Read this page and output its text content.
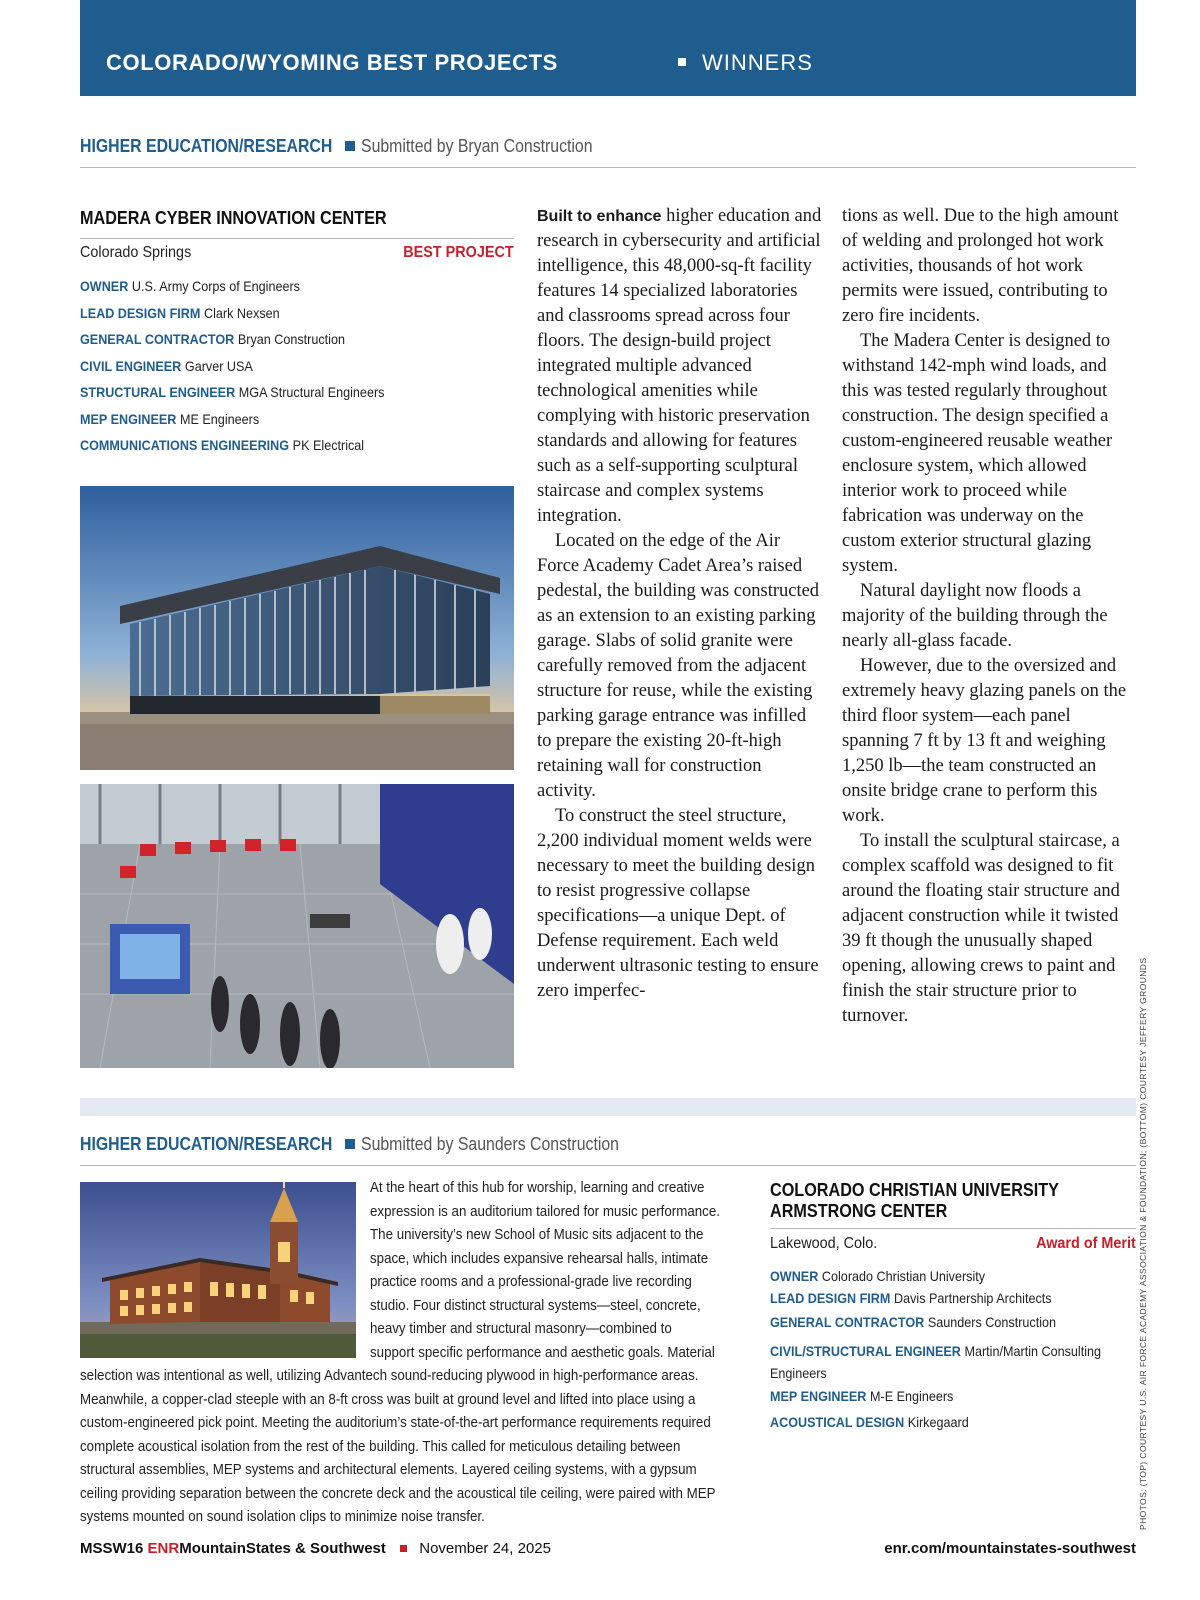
COLORADO/WYOMING BEST PROJECTS	WINNERS
HIGHER EDUCATION/RESEARCH Submitted by Bryan Construction
MADERA CYBER INNOVATION CENTER
Colorado Springs	BEST PROJECT
OWNER U.S. Army Corps of Engineers
LEAD DESIGN FIRM Clark Nexsen
GENERAL CONTRACTOR Bryan Construction
CIVIL ENGINEER Garver USA
STRUCTURAL ENGINEER MGA Structural Engineers
MEP ENGINEER ME Engineers
COMMUNICATIONS ENGINEERING PK Electrical

Built to enhance higher education and research in cybersecurity and artificial intelligence, this 48,000-sq-ft facility features 14 specialized laboratories and classrooms spread across four floors. The design-build project integrated multiple advanced technological amenities while complying with historic preservation standards and allowing for features such as a self-supporting sculptural staircase and complex systems integration.

Located on the edge of the Air Force Academy Cadet Area’s raised pedestal, the building was constructed as an extension to an existing parking garage. Slabs of solid granite were carefully removed from the adjacent structure for reuse, while the existing parking garage entrance was infilled to prepare the existing 20-ft-high retaining wall for construction activity.

To construct the steel structure, 2,200 individual moment welds were necessary to meet the building design to resist progressive collapse specifications—a unique Dept. of Defense requirement. Each weld underwent ultrasonic testing to ensure zero imperfec-

tions as well. Due to the high amount of welding and prolonged hot work activities, thousands of hot work permits were issued, contributing to zero fire incidents.

The Madera Center is designed to withstand 142-mph wind loads, and this was tested regularly throughout construction. The design specified a custom-engineered reusable weather enclosure system, which allowed interior work to proceed while fabrication was underway on the custom exterior structural glazing system.

Natural daylight now floods a majority of the building through the nearly all-glass facade.

However, due to the oversized and extremely heavy glazing panels on the third floor system—each panel spanning 7 ft by 13 ft and weighing 1,250 lb—the team constructed an onsite bridge crane to perform this work.

To install the sculptural staircase, a complex scaffold was designed to fit around the floating stair structure and adjacent construction while it twisted 39 ft though the unusually shaped opening, allowing crews to paint and finish the stair structure prior to turnover.

HIGHER EDUCATION/RESEARCH Submitted by Saunders Construction
At the heart of this hub for worship, learning and creative
expression is an auditorium tailored for music performance.
The university’s new School of Music sits adjacent to the
space, which includes expansive rehearsal halls, intimate
practice rooms and a professional-grade live recording
studio. Four distinct structural systems—steel, concrete,
heavy timber and structural masonry—combined to
support specific performance and aesthetic goals. Material
selection was intentional as well, utilizing Advantech sound-reducing plywood in high-performance areas.
Meanwhile, a copper-clad steeple with an 8-ft cross was built at ground level and lifted into place using a
custom-engineered pick point. Meeting the auditorium’s state-of-the-art performance requirements required
complete acoustical isolation from the rest of the building. This called for meticulous detailing between
structural assemblies, MEP systems and architectural elements. Layered ceiling systems, with a gypsum
ceiling providing separation between the concrete deck and the acoustical tile ceiling, were paired with MEP
systems mounted on sound isolation clips to minimize noise transfer.
COLORADO CHRISTIAN UNIVERSITY
ARMSTRONG CENTER
Lakewood, Colo.	Award of Merit
OWNER Colorado Christian University
LEAD DESIGN FIRM Davis Partnership Architects
GENERAL CONTRACTOR Saunders Construction
CIVIL/STRUCTURAL ENGINEER Martin/Martin Consulting Engineers
MEP ENGINEER M-E Engineers
ACOUSTICAL DESIGN Kirkegaard	PHOTOS: (TOP) COURTESY U.S. AIR FORCE ACADEMY ASSOCIATION & FOUNDATION; (BOTTOM) COURTESY JEFFERY GROUNDS
MSSW16 ENRMountainStates & Southwest November 24, 2025	enr.com/mountainstates-southwest
